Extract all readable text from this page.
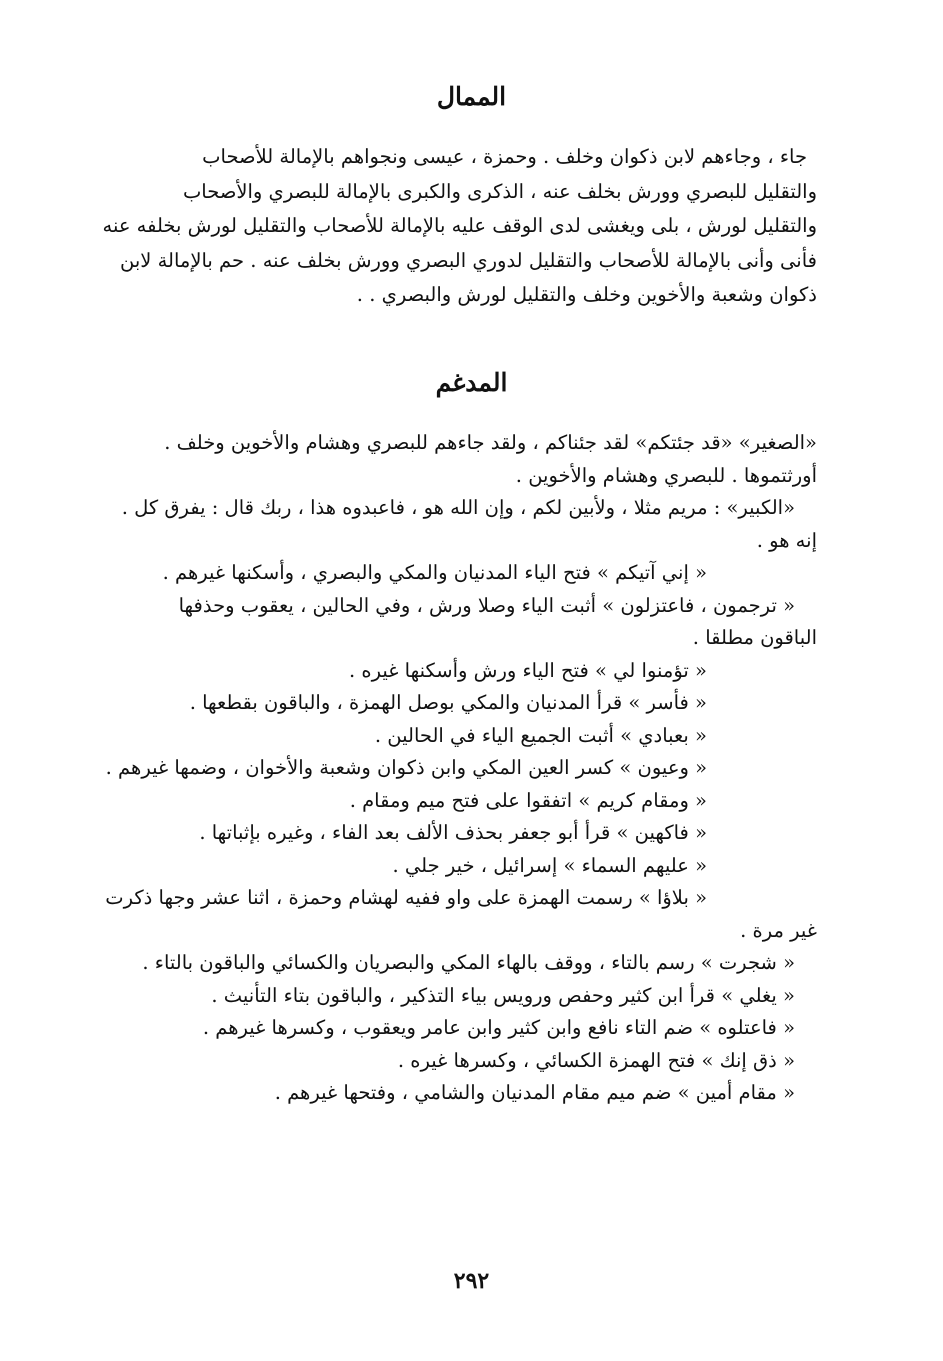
الممال
جاء ، وجاءهم لابن ذكوان وخلف . وحمزة ، عيسى ونجواهم بالإمالة للأصحاب
والتقليل للبصري وورش بخلف عنه ، الذكرى والكبرى بالإمالة للبصري والأصحاب
والتقليل لورش ، بلى ويغشى لدى الوقف عليه بالإمالة للأصحاب والتقليل لورش بخلفه عنه
فأنى وأنى بالإمالة للأصحاب والتقليل لدوري البصري وورش بخلف عنه . حم بالإمالة لابن
ذكوان وشعبة والأخوين وخلف والتقليل لورش والبصري . .
المدغم
«الصغير» «قد جئتكم» لقد جئناكم ، ولقد جاءهم للبصري وهشام والأخوين وخلف .
أورثتموها . للبصري وهشام والأخوين .
«الكبير» : مريم مثلا ، ولأبين لكم ، وإن الله هو ، فاعبدوه هذا ، ربك قال : يفرق كل .
إنه هو .
« إني آتيكم » فتح الياء المدنيان والمكي والبصري ، وأسكنها غيرهم .
« ترجمون ، فاعتزلون » أثبت الياء وصلا ورش ، وفي الحالين ، يعقوب وحذفها
الباقون مطلقا .
« تؤمنوا لي » فتح الياء ورش وأسكنها غيره .
« فأسر » قرأ المدنيان والمكي بوصل الهمزة ، والباقون بقطعها .
« بعبادي » أثبت الجميع الياء في الحالين .
« وعيون » كسر العين المكي وابن ذكوان وشعبة والأخوان ، وضمها غيرهم .
« ومقام كريم » اتفقوا على فتح ميم ومقام .
« فاكهين » قرأ أبو جعفر بحذف الألف بعد الفاء ، وغيره بإثباتها .
« عليهم السماء » إسرائيل ، خير جلي .
« بلاؤا » رسمت الهمزة على واو ففيه لهشام وحمزة ، اثنا عشر وجها ذكرت
غير مرة .
« شجرت » رسم بالتاء ، ووقف بالهاء المكي والبصريان والكسائي والباقون بالتاء .
« يغلي » قرأ ابن كثير وحفص ورويس بياء التذكير ، والباقون بتاء التأنيث .
« فاعتلوه » ضم التاء نافع وابن كثير وابن عامر ويعقوب ، وكسرها غيرهم .
« ذق إنك » فتح الهمزة الكسائي ، وكسرها غيره .
« مقام أمين » ضم ميم مقام المدنيان والشامي ، وفتحها غيرهم .
٢٩٢
